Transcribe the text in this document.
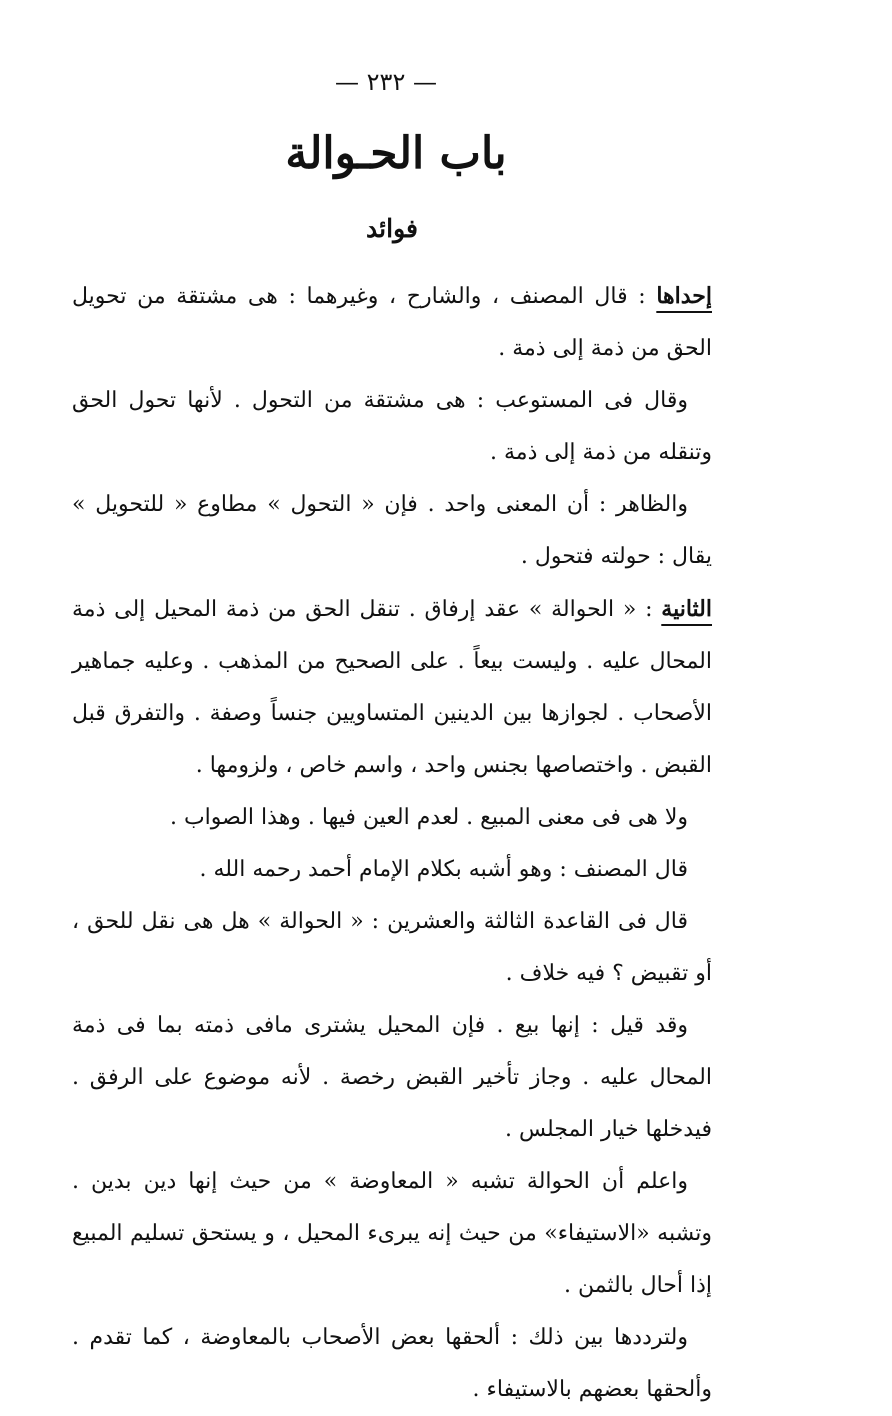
— ٢٣٢ —
باب الحـوالة
فوائد

إحداها : قال المصنف ، والشارح ، وغيرهما : هى مشتقة من تحويل الحق من ذمة إلى ذمة .

وقال فى المستوعب : هى مشتقة من التحول . لأنها تحول الحق وتنقله من ذمة إلى ذمة .

والظاهر : أن المعنى واحد . فإن « التحول » مطاوع « للتحويل » يقال : حولته فتحول .

الثانية : « الحوالة » عقد إرفاق . تنقل الحق من ذمة المحيل إلى ذمة المحال عليه . وليست بيعاً . على الصحيح من المذهب . وعليه جماهير الأصحاب . لجوازها بين الدينين المتساويين جنساً وصفة . والتفرق قبل القبض . واختصاصها بجنس واحد ، واسم خاص ، ولزومها .

ولا هى فى معنى المبيع . لعدم العين فيها . وهذا الصواب .

قال المصنف : وهو أشبه بكلام الإمام أحمد رحمه الله .

قال فى القاعدة الثالثة والعشرين : « الحوالة » هل هى نقل للحق ، أو تقبيض ؟ فيه خلاف .

وقد قيل : إنها بيع . فإن المحيل يشترى مافى ذمته بما فى ذمة المحال عليه . وجاز تأخير القبض رخصة . لأنه موضوع على الرفق . فيدخلها خيار المجلس .

واعلم أن الحوالة تشبه « المعاوضة » من حيث إنها دين بدين . وتشبه «الاستيفاء» من حيث إنه يبرىء المحيل ، و يستحق تسليم المبيع إذا أحال بالثمن .

ولترددها بين ذلك : ألحقها بعض الأصحاب بالمعاوضة ، كما تقدم . وألحقها بعضهم بالاستيفاء .
